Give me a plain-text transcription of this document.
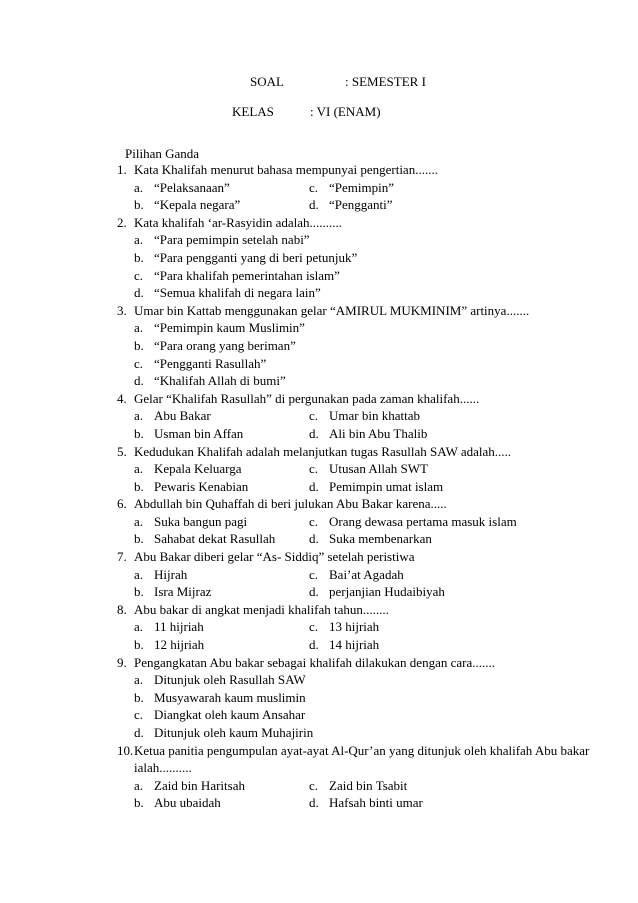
SOAL	: SEMESTER I
KELAS	: VI (ENAM)
Pilihan Ganda
1. Kata Khalifah menurut bahasa mempunyai pengertian.......
a. “Pelaksanaan”	c. “Pemimpin”
b. “Kepala negara”	d. “Pengganti”
2. Kata khalifah ‘ar-Rasyidin adalah..........
a. “Para pemimpin setelah nabi”
b. “Para pengganti yang di beri petunjuk”
c. “Para khalifah pemerintahan islam”
d. “Semua khalifah di negara lain”
3. Umar bin Kattab menggunakan gelar “AMIRUL MUKMINIM” artinya.......
a. “Pemimpin kaum Muslimin”
b. “Para orang yang beriman”
c. “Pengganti Rasullah”
d. “Khalifah Allah di bumi”
4. Gelar “Khalifah Rasullah” di pergunakan pada zaman khalifah......
a. Abu Bakar	c. Umar bin khattab
b. Usman bin Affan	d. Ali bin Abu Thalib
5. Kedudukan Khalifah adalah melanjutkan tugas Rasullah SAW adalah.....
a. Kepala Keluarga	c. Utusan Allah SWT
b. Pewaris Kenabian	d. Pemimpin umat islam
6. Abdullah bin Quhaffah di beri julukan Abu Bakar karena.....
a. Suka bangun pagi	c. Orang dewasa pertama masuk islam
b. Sahabat dekat Rasullah	d. Suka membenarkan
7. Abu Bakar diberi gelar “As- Siddiq” setelah peristiwa
a. Hijrah	c. Bai’at Agadah
b. Isra Mijraz	d. perjanjian Hudaibiyah
8. Abu bakar di angkat menjadi khalifah tahun........
a. 11 hijriah	c. 13 hijriah
b. 12 hijriah	d. 14 hijriah
9. Pengangkatan Abu bakar sebagai khalifah dilakukan dengan cara.......
a. Ditunjuk oleh Rasullah SAW
b. Musyawarah kaum muslimin
c. Diangkat oleh kaum Ansahar
d. Ditunjuk oleh kaum Muhajirin
10. Ketua panitia pengumpulan ayat-ayat Al-Qur’an yang ditunjuk oleh khalifah Abu bakar ialah..........
a. Zaid bin Haritsah	c. Zaid bin Tsabit
b. Abu ubaidah	d. Hafsah binti umar
